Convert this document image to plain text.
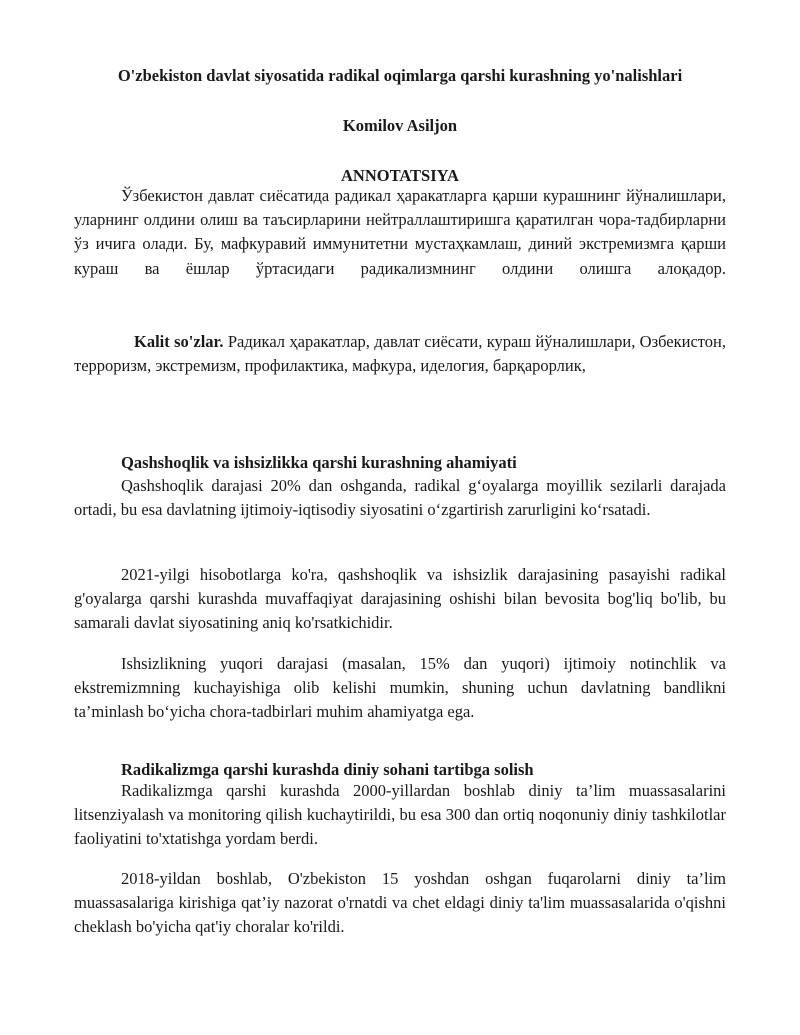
O'zbekiston davlat siyosatida radikal oqimlarga qarshi kurashning yo'nalishlari
Komilov Asiljon
ANNOTATSIYA

Ўзбекистон давлат сиёсатида радикал ҳаракатларга қарши курашнинг йўналишлари, уларнинг олдини олиш ва таъсирларини нейтраллаштиришга қаратилган чора-тадбирларни ўз ичига олади. Бу, мафкуравий иммунитетни мустаҳкамлаш, диний экстремизмга қарши кураш ва ёшлар ўртасидаги радикализмнинг олдини олишга алоқадор.

Kalit so'zlar. Радикал ҳаракатлар, давлат сиёсати, кураш йўналишлари, Озбекистон, терроризм, экстремизм, профилактика, мафкура, иделогия, барқарорлик,

Qashshoqlik va ishsizlikka qarshi kurashning ahamiyati

Qashshoqlik darajasi 20% dan oshganda, radikal g‘oyalarga moyillik sezilarli darajada ortadi, bu esa davlatning ijtimoiy-iqtisodiy siyosatini o‘zgartirish zarurligini ko‘rsatadi.

2021-yilgi hisobotlarga ko'ra, qashshoqlik va ishsizlik darajasining pasayishi radikal g'oyalarga qarshi kurashda muvaffaqiyat darajasining oshishi bilan bevosita bog'liq bo'lib, bu samarali davlat siyosatining aniq ko'rsatkichidir.

Ishsizlikning yuqori darajasi (masalan, 15% dan yuqori) ijtimoiy notinchlik va ekstremizmning kuchayishiga olib kelishi mumkin, shuning uchun davlatning bandlikni ta’minlash bo‘yicha chora-tadbirlari muhim ahamiyatga ega.

Radikalizmga qarshi kurashda diniy sohani tartibga solish

Radikalizmga qarshi kurashda 2000-yillardan boshlab diniy ta’lim muassasalarini litsenziyalash va monitoring qilish kuchaytirildi, bu esa 300 dan ortiq noqonuniy diniy tashkilotlar faoliyatini to'xtatishga yordam berdi.

2018-yildan boshlab, O'zbekiston 15 yoshdan oshgan fuqarolarni diniy ta’lim muassasalariga kirishiga qat’iy nazorat o'rnatdi va chet eldagi diniy ta'lim muassasalarida o'qishni cheklash bo'yicha qat'iy choralar ko'rildi.
